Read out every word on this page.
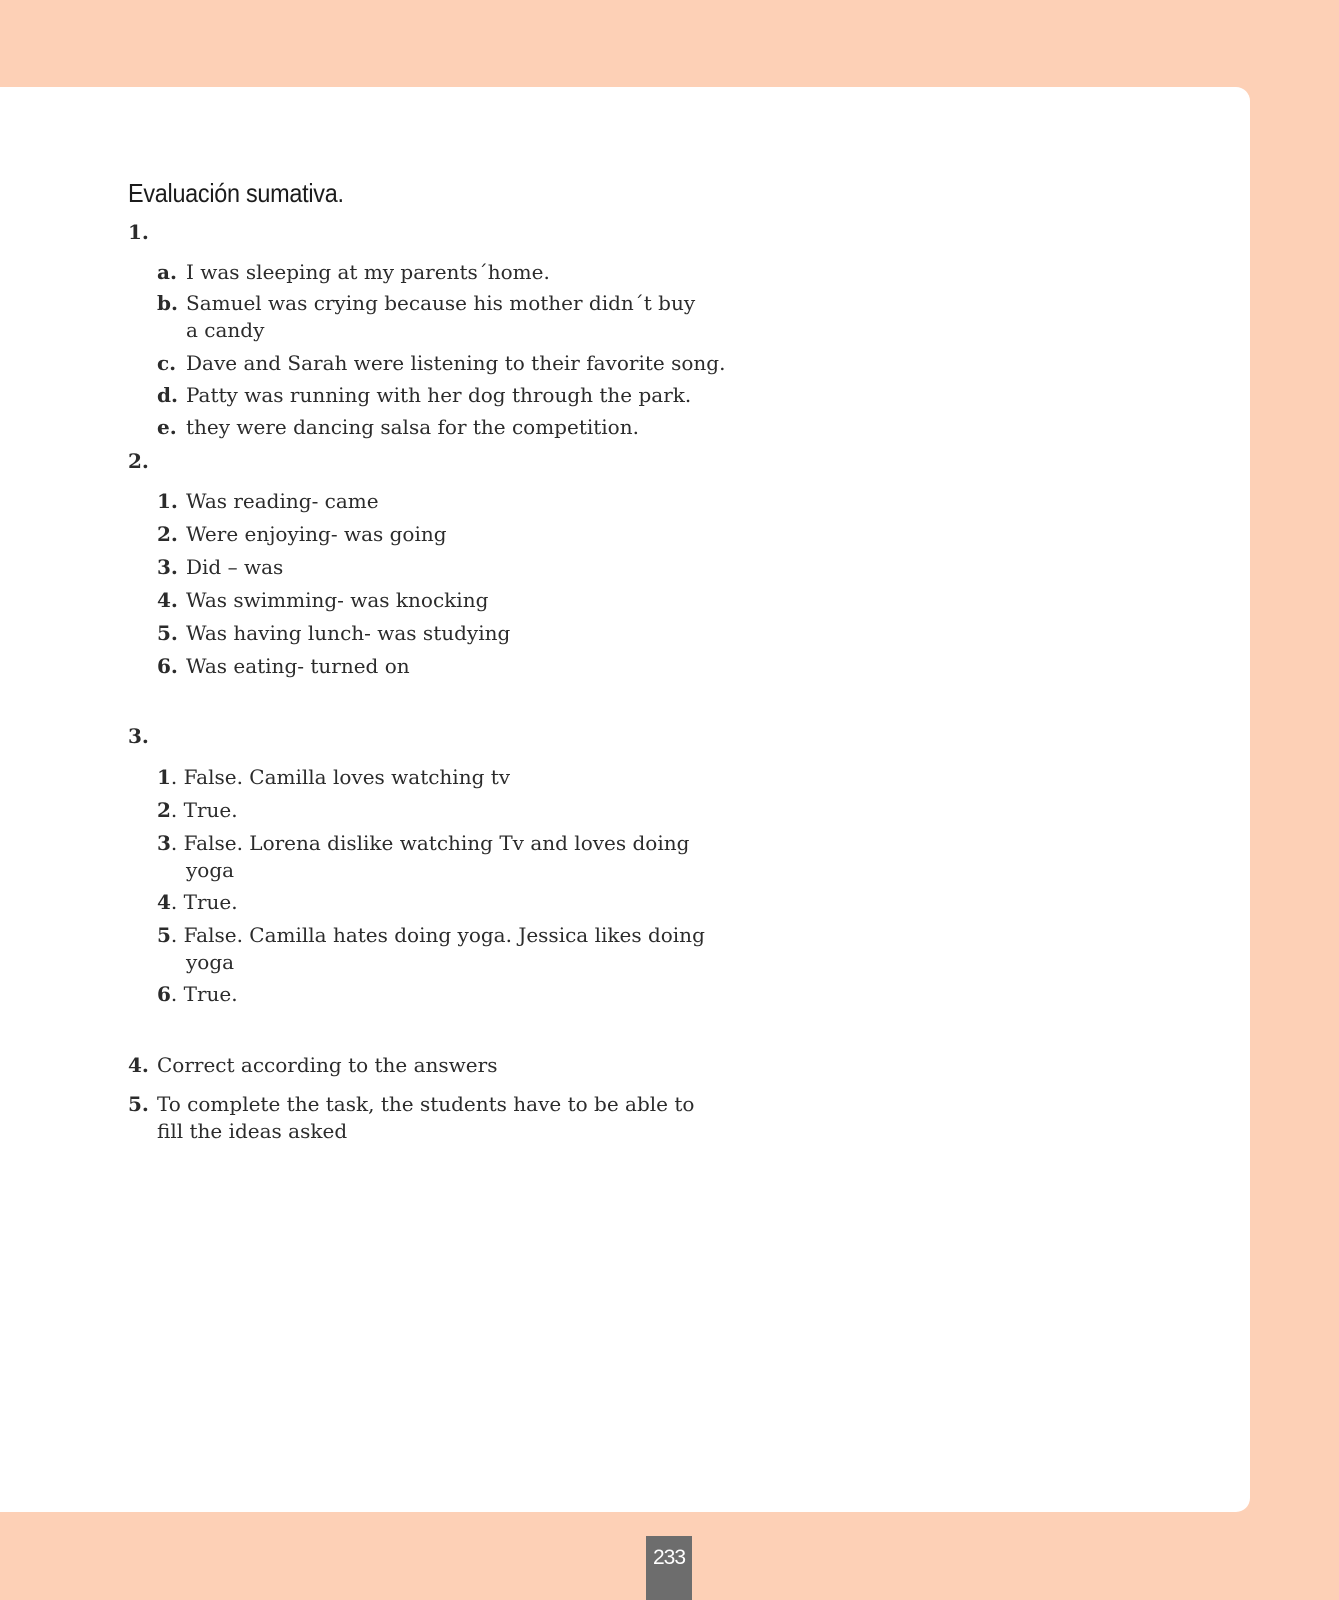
Evaluación sumativa.
1.
a. I was sleeping at my parents´home.
b. Samuel was crying because his mother didn´t buy
a candy
c. Dave and Sarah were listening to their favorite song.
d. Patty was running with her dog through the park.
e. they were dancing salsa for the competition.
2.
1. Was reading- came
2. Were enjoying- was going
3. Did – was
4. Was swimming- was knocking
5. Was having lunch- was studying
6. Was eating- turned on
3.
1. False. Camilla loves watching tv
2. True.
3. False. Lorena dislike watching Tv and loves doing
yoga
4. True.
5. False. Camilla hates doing yoga. Jessica likes doing
yoga
6. True.
4. Correct according to the answers
5. To complete the task, the students have to be able to
fill the ideas asked
233
